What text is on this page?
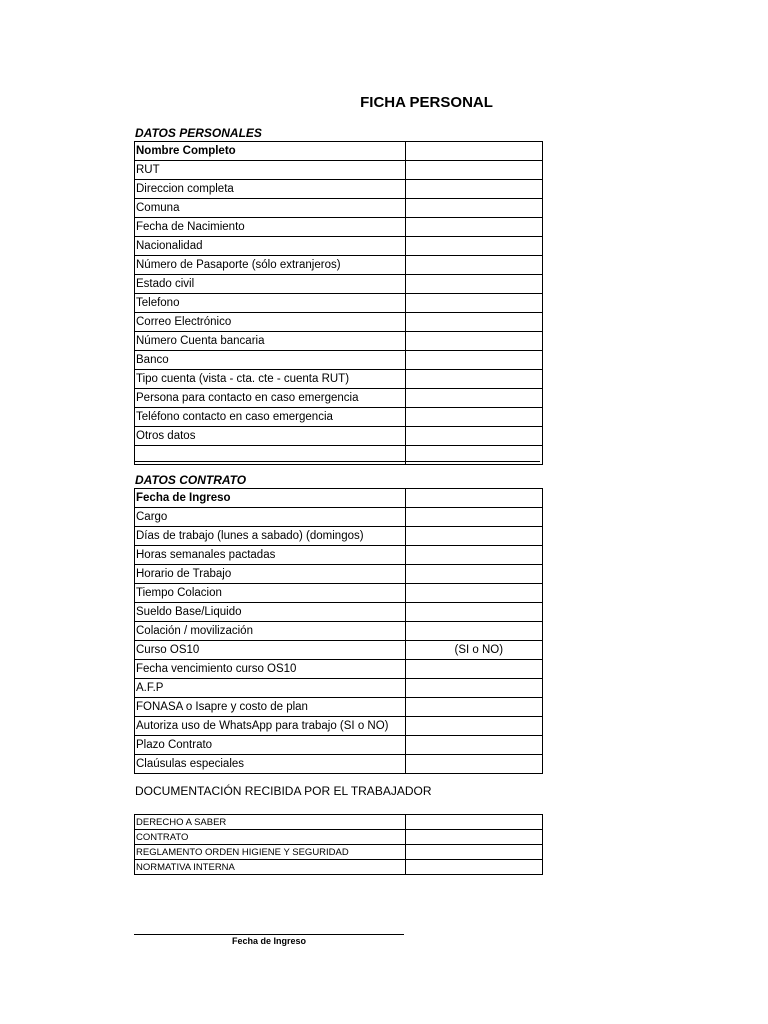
FICHA PERSONAL
DATOS PERSONALES
Nombre Completo	
RUT	
Direccion completa	
Comuna	
Fecha de Nacimiento	
Nacionalidad	
Número de Pasaporte (sólo extranjeros)	
Estado civil	
Telefono	
Correo Electrónico	
Número Cuenta bancaria	
Banco	
Tipo cuenta (vista - cta. cte - cuenta RUT)	
Persona para contacto en caso emergencia	
Teléfono contacto en caso emergencia	
Otros datos	

DATOS CONTRATO
Fecha de Ingreso	
Cargo	
Días de trabajo (lunes a sabado) (domingos)	
Horas semanales pactadas	
Horario de Trabajo	
Tiempo Colacion	
Sueldo Base/Liquido	
Colación / movilización	
Curso OS10 (SI o NO)	

Fecha vencimiento curso OS10	
A.F.P	
FONASA o Isapre y costo de plan	
Autoriza uso de WhatsApp para trabajo (SI o NO)	
Plazo Contrato	
Claúsulas especiales	
DOCUMENTACIÓN RECIBIDA POR EL TRABAJADOR
DERECHO A SABER	
CONTRATO	
REGLAMENTO ORDEN HIGIENE Y SEGURIDAD	
NORMATIVA INTERNA	
Fecha de Ingreso
